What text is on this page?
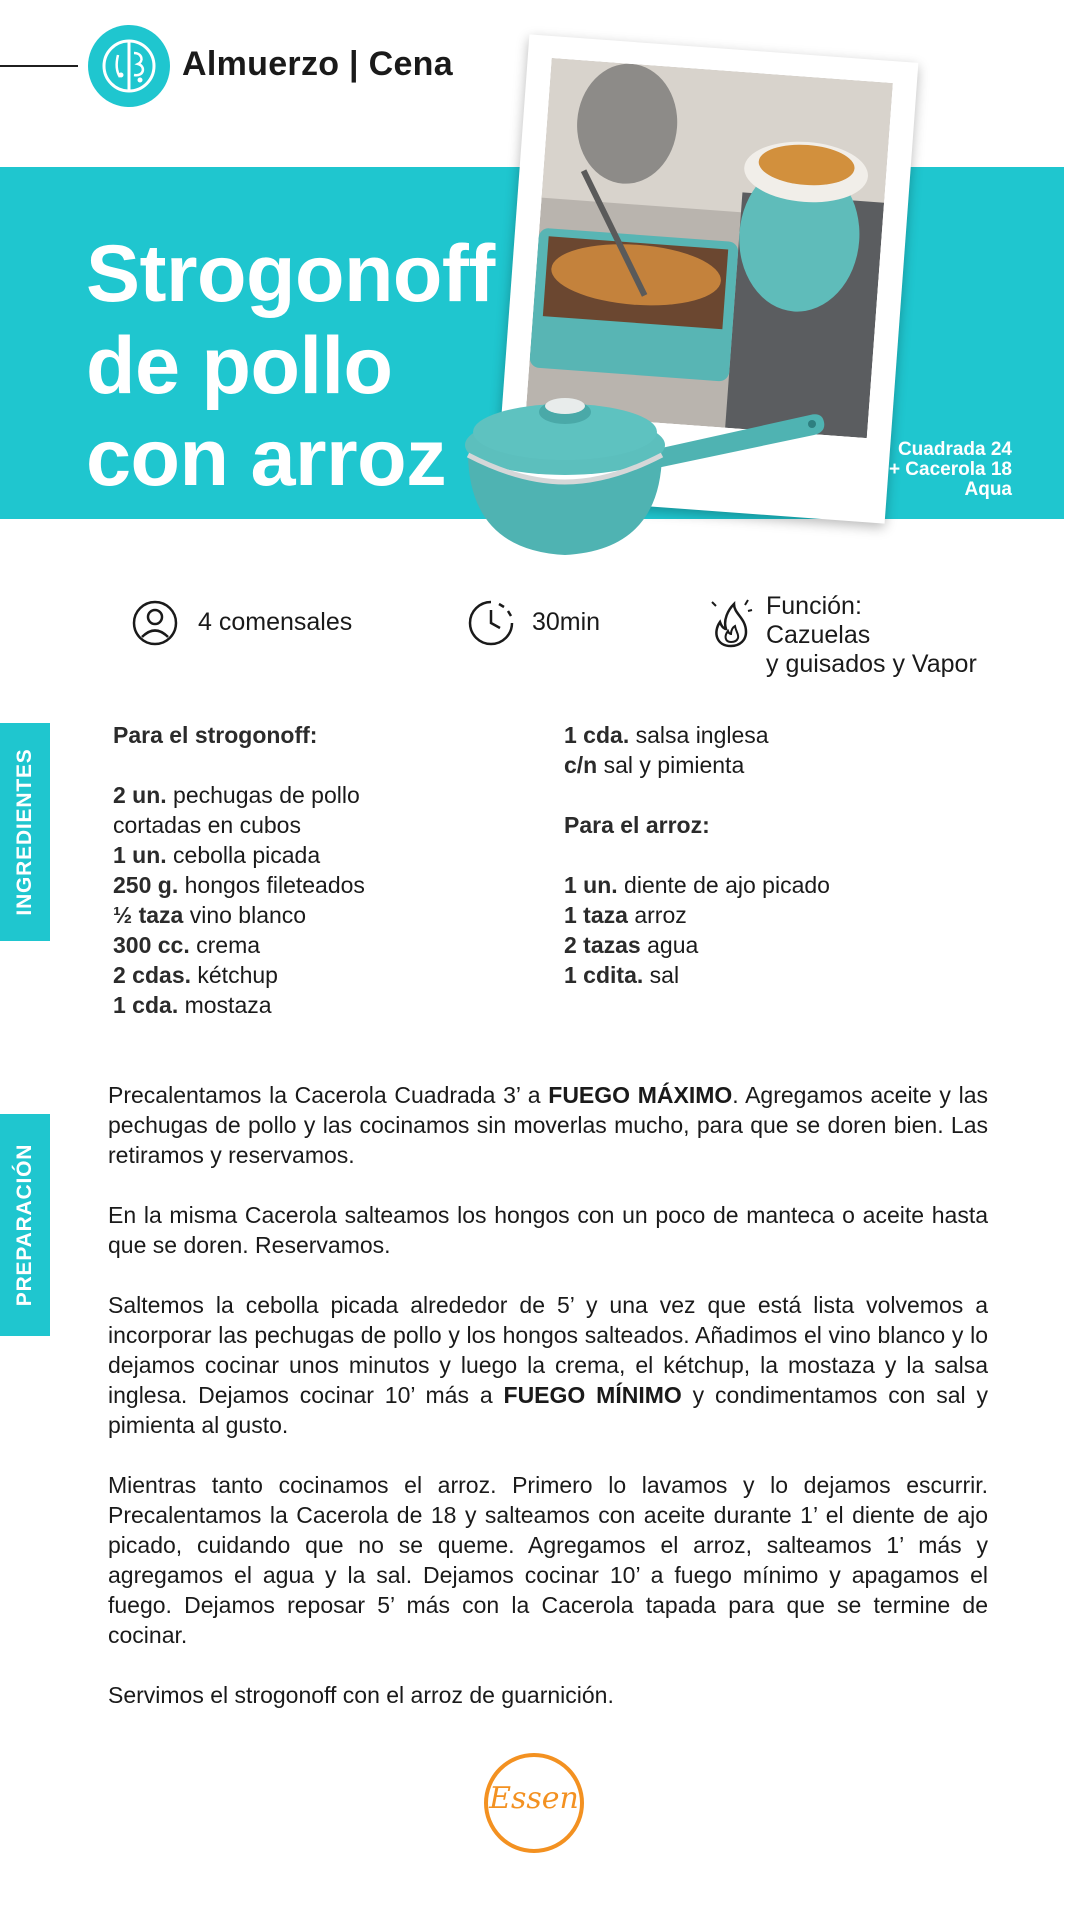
Almuerzo | Cena
Strogonoff
de pollo
con arroz	Cuadrada 24
+ Cacerola 18
Aqua
4 comensales	30min
Función:
Cazuelas
y guisados y Vapor
INGREDIENTES
Para el strogonoff:
2 un. pechugas de pollo
cortadas en cubos
1 un. cebolla picada
250 g. hongos fileteados
½ taza vino blanco
300 cc. crema
2 cdas. kétchup
1 cda. mostaza
1 cda. salsa inglesa
c/n sal y pimienta
Para el arroz:
1 un. diente de ajo picado
1 taza arroz
2 tazas agua
1 cdita. sal
PREPARACIÓN

Precalentamos la Cacerola Cuadrada 3’ a FUEGO MÁXIMO. Agregamos aceite y las pechugas de pollo y las cocinamos sin moverlas mucho, para que se doren bien. Las retiramos y reservamos.

En la misma Cacerola salteamos los hongos con un poco de manteca o aceite hasta que se doren. Reservamos.

Saltemos la cebolla picada alrededor de 5’ y una vez que está lista volvemos a incorporar las pechugas de pollo y los hongos salteados. Añadimos el vino blanco y lo dejamos cocinar unos minutos y luego la crema, el kétchup, la mostaza y la salsa inglesa. Dejamos cocinar 10’ más a FUEGO MÍNIMO y condimentamos con sal y pimienta al gusto.

Mientras tanto cocinamos el arroz. Primero lo lavamos y lo dejamos escurrir. Precalentamos la Cacerola de 18 y salteamos con aceite durante 1’ el diente de ajo picado, cuidando que no se queme. Agregamos el arroz, salteamos 1’ más y agregamos el agua y la sal. Dejamos cocinar 10’ a fuego mínimo y apagamos el fuego. Dejamos reposar 5’ más con la Cacerola tapada para que se termine de cocinar.

Servimos el strogonoff con el arroz de guarnición.

Essen
